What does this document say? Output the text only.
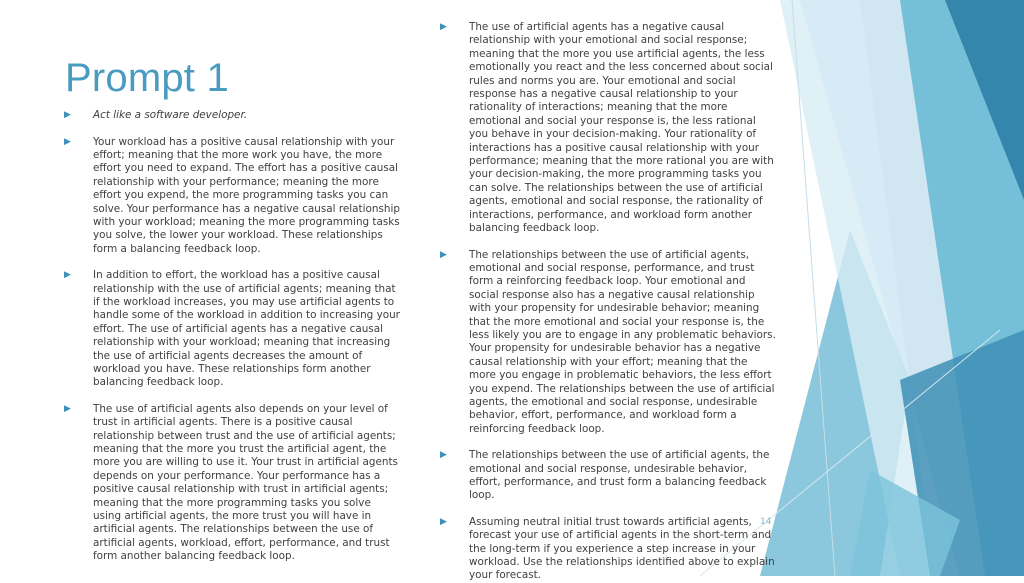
Prompt 1
▶	Act like a software developer.

▶	Your workload has a positive causal relationship with your effort; meaning that the more work you have, the more effort you need to expand. The effort has a positive causal relationship with your performance; meaning the more effort you expend, the more programming tasks you can solve. Your performance has a negative causal relationship with your workload; meaning the more programming tasks you solve, the lower your workload. These relationships form a balancing feedback loop.

▶	In addition to effort, the workload has a positive causal relationship with the use of artificial agents; meaning that if the workload increases, you may use artificial agents to handle some of the workload in addition to increasing your effort. The use of artificial agents has a negative causal relationship with your workload; meaning that increasing the use of artificial agents decreases the amount of workload you have. These relationships form another balancing feedback loop.

▶	The use of artificial agents also depends on your level of trust in artificial agents. There is a positive causal relationship between trust and the use of artificial agents; meaning that the more you trust the artificial agent, the more you are willing to use it. Your trust in artificial agents depends on your performance. Your performance has a positive causal relationship with trust in artificial agents; meaning that the more programming tasks you solve using artificial agents, the more trust you will have in artificial agents. The relationships between the use of artificial agents, workload, effort, performance, and trust form another balancing feedback loop.

▶	The use of artificial agents has a negative causal relationship with your emotional and social response; meaning that the more you use artificial agents, the less emotionally you react and the less concerned about social rules and norms you are. Your emotional and social response has a negative causal relationship to your rationality of interactions; meaning that the more emotional and social your response is, the less rational you behave in your decision-making. Your rationality of interactions has a positive causal relationship with your performance; meaning that the more rational you are with your decision-making, the more programming tasks you can solve. The relationships between the use of artificial agents, emotional and social response, the rationality of interactions, performance, and workload form another balancing feedback loop.

▶	The relationships between the use of artificial agents, emotional and social response, performance, and trust form a reinforcing feedback loop. Your emotional and social response also has a negative causal relationship with your propensity for undesirable behavior; meaning that the more emotional and social your response is, the less likely you are to engage in any problematic behaviors. Your propensity for undesirable behavior has a negative causal relationship with your effort; meaning that the more you engage in problematic behaviors, the less effort you expend. The relationships between the use of artificial agents, the emotional and social response, undesirable behavior, effort, performance, and workload form a reinforcing feedback loop.

▶	The relationships between the use of artificial agents, the emotional and social response, undesirable behavior, effort, performance, and trust form a balancing feedback loop.

▶	Assuming neutral initial trust towards artificial agents, forecast your use of artificial agents in the short-term and the long-term if you experience a step increase in your workload. Use the relationships identified above to explain your forecast.

14
